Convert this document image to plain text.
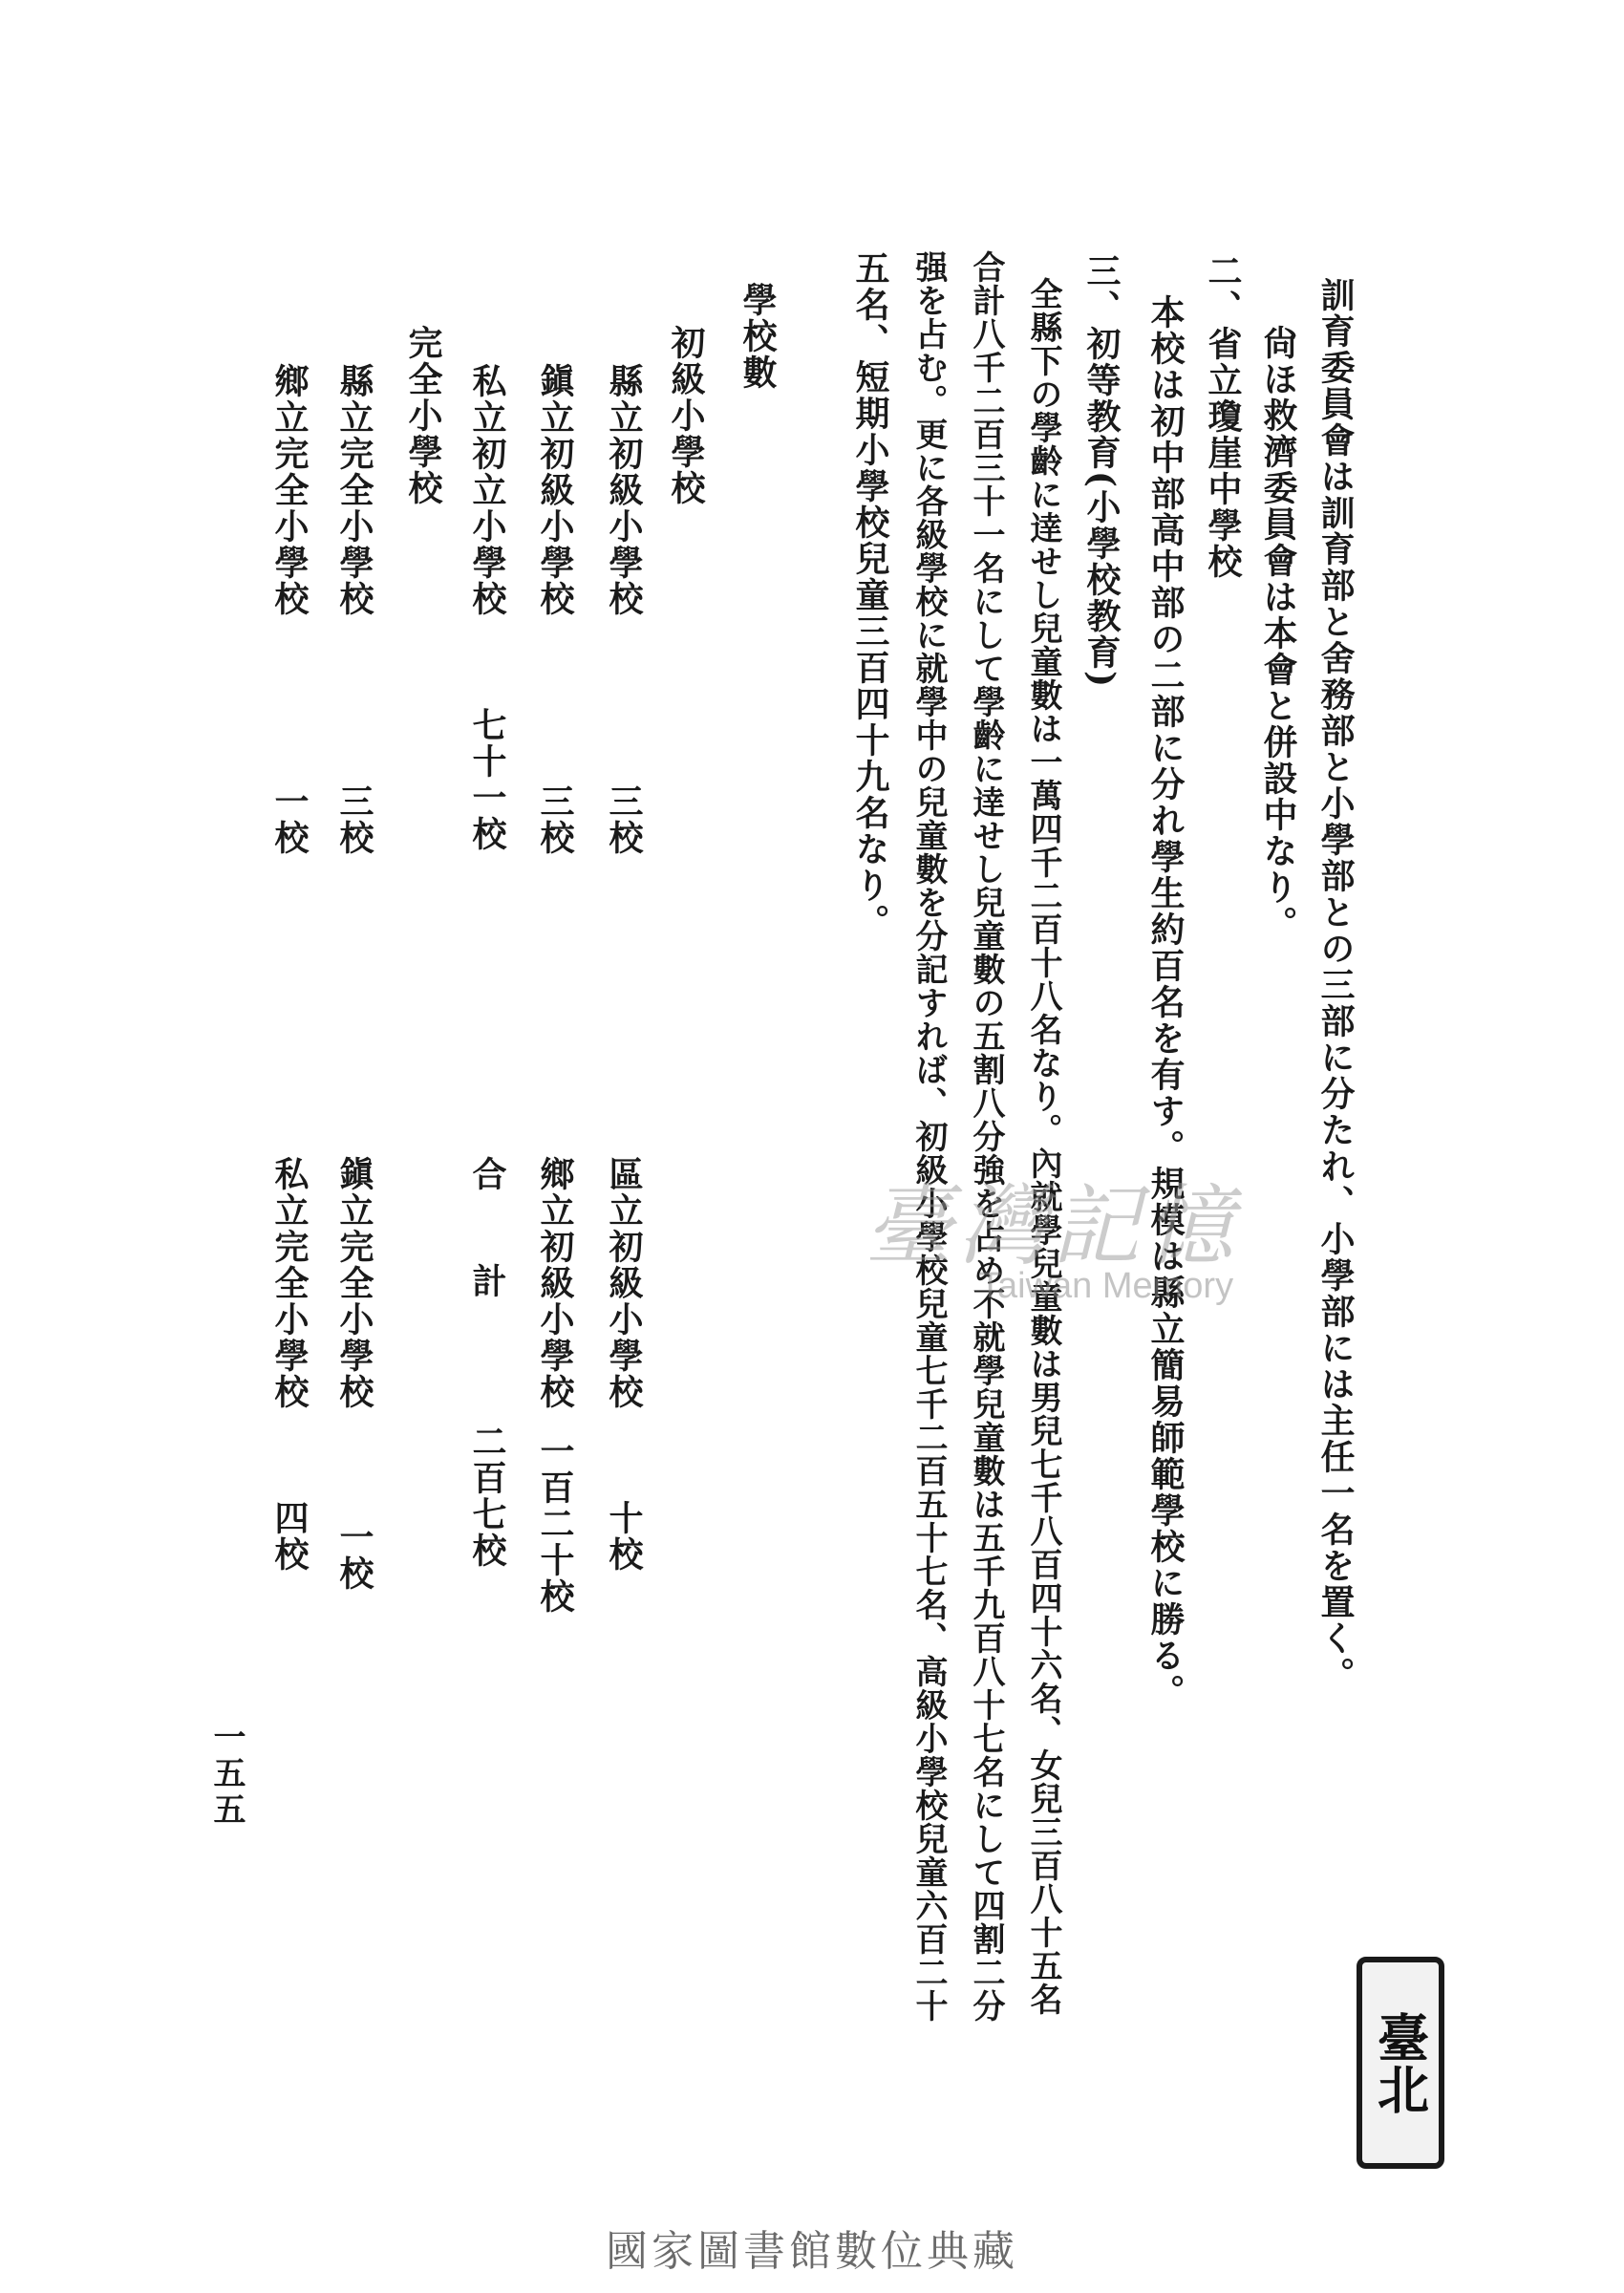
訓育委員會は訓育部と舍務部と小學部との三部に分たれ、小學部には主任一名を置く。
尙ほ救濟委員會は本會と併設中なり。
二、省立瓊崖中學校
本校は初中部高中部の二部に分れ學生約百名を有す。規模は縣立簡易師範學校に勝る。
三、初等教育(小學校教育)
全縣下の學齡に逹せし兒童數は一萬四千二百十八名なり。內就學兒童數は男兒七千八百四十六名、女兒三百八十五名
合計八千二百三十一名にして學齡に逹せし兒童數の五割八分強を占め不就學兒童數は五千九百八十七名にして四割二分
强を占む。更に各級學校に就學中の兒童數を分記すれば、初級小學校兒童七千二百五十七名、高級小學校兒童六百二十
五名、短期小學校兒童三百四十九名なり。
學校數
初級小學校
縣立初級小學校
三校
鎭立初級小學校
三校
私立初立小學校
七十一校
完全小學校
縣立完全小學校
三校
鄉立完全小學校
一校
區立初級小學校
十校
鄉立初級小學校
一百二十校
合　計
二百七校
鎭立完全小學校
一校
私立完全小學校
四校
一五五
臺灣記憶
Taiwan Memory
臺北
國家圖書館數位典藏
